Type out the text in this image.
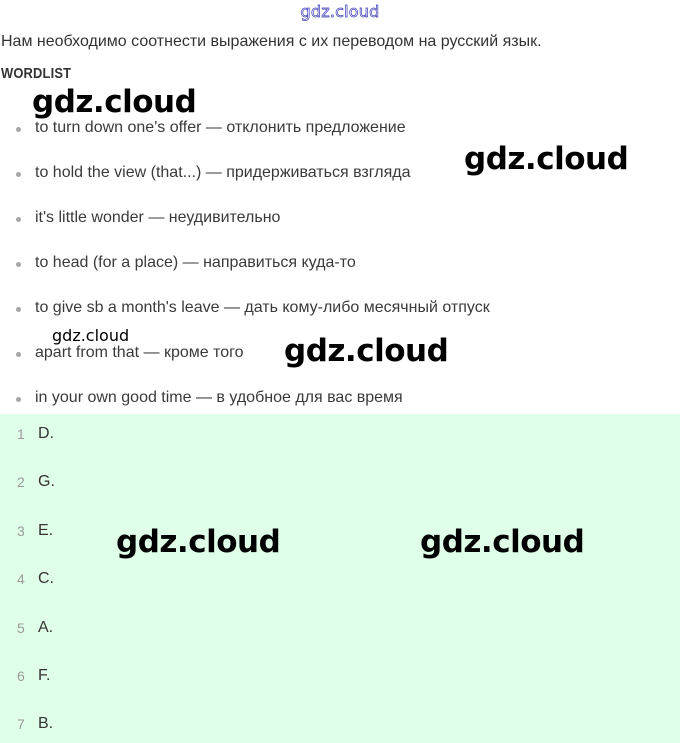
gdz.cloud
Нам необходимо соотнести выражения с их переводом на русский язык.
WORDLIST
to turn down one's offer — отклонить предложение
to hold the view (that...) — придерживаться взгляда
it's little wonder — неудивительно
to head (for a place) — направиться куда-то
to give sb a month's leave — дать кому-либо месячный отпуск
apart from that — кроме того
in your own good time — в удобное для вас время
1 D.
2 G.
3 E.
4 C.
5 A.
6 F.
7 B.
gdz.cloud
gdz.cloud
gdz.cloud	gdz.cloud
gdz.cloud	gdz.cloud
